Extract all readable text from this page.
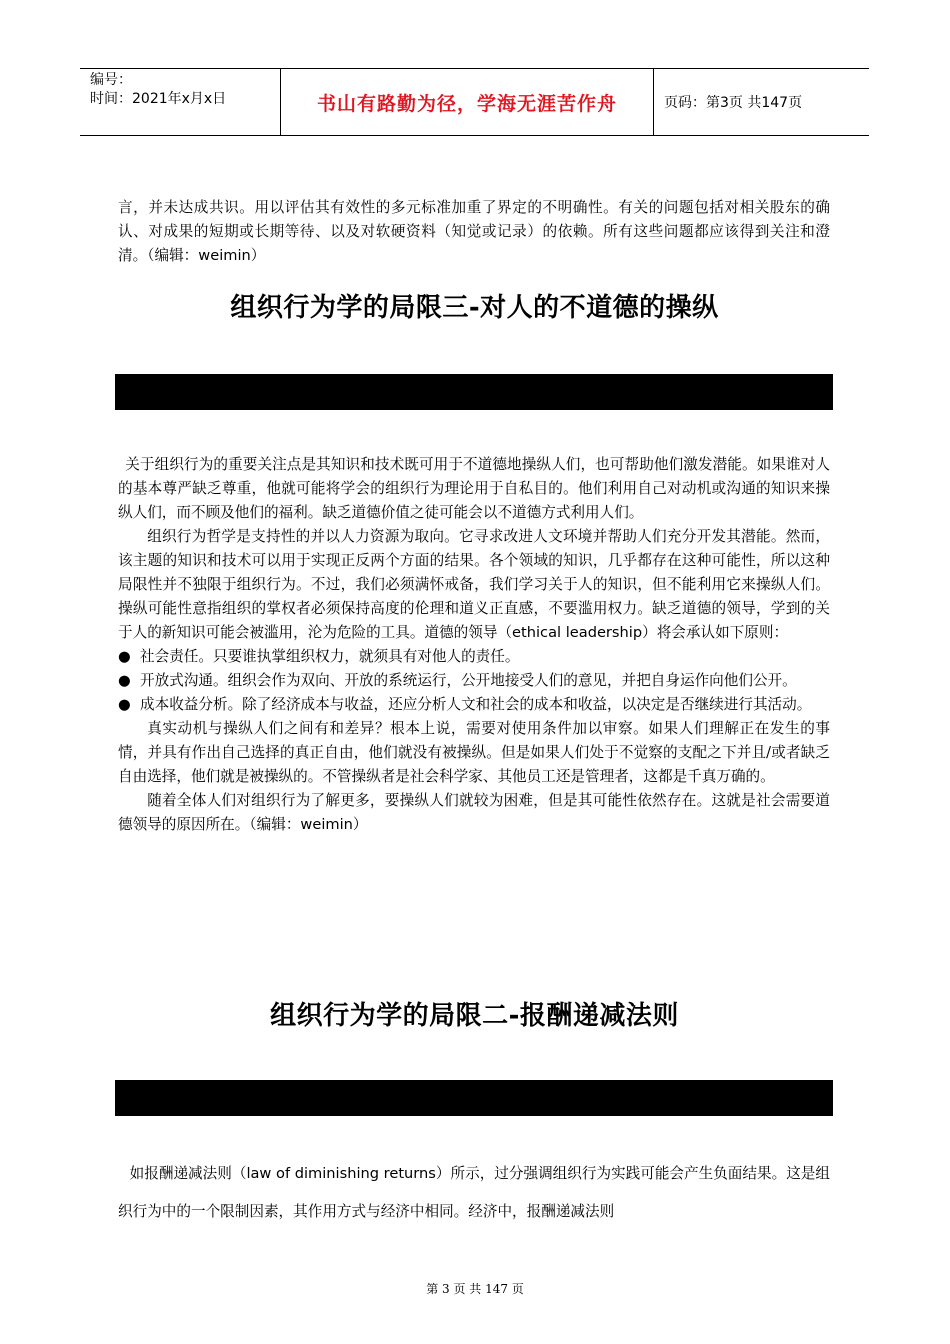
编号：
时间：2021年x月x日	书山有路勤为径，学海无涯苦作舟	页码：第3页 共147页

言，并未达成共识。用以评估其有效性的多元标准加重了界定的不明确性。有关的问题包括对相关股东的确认、对成果的短期或长期等待、以及对软硬资料（知觉或记录）的依赖。所有这些问题都应该得到关注和澄清。（编辑：weimin）

组织行为学的局限三-对人的不道德的操纵

关于组织行为的重要关注点是其知识和技术既可用于不道德地操纵人们，也可帮助他们激发潜能。如果谁对人的基本尊严缺乏尊重，他就可能将学会的组织行为理论用于自私目的。他们利用自己对动机或沟通的知识来操纵人们，而不顾及他们的福利。缺乏道德价值之徒可能会以不道德方式利用人们。

组织行为哲学是支持性的并以人力资源为取向。它寻求改进人文环境并帮助人们充分开发其潜能。然而，该主题的知识和技术可以用于实现正反两个方面的结果。各个领域的知识，几乎都存在这种可能性，所以这种局限性并不独限于组织行为。不过，我们必须满怀戒备，我们学习关于人的知识，但不能利用它来操纵人们。操纵可能性意指组织的掌权者必须保持高度的伦理和道义正直感，不要滥用权力。缺乏道德的领导，学到的关于人的新知识可能会被滥用，沦为危险的工具。道德的领导（ethical leadership）将会承认如下原则：

● 社会责任。只要谁执掌组织权力，就须具有对他人的责任。

● 开放式沟通。组织会作为双向、开放的系统运行，公开地接受人们的意见，并把自身运作向他们公开。

● 成本收益分析。除了经济成本与收益，还应分析人文和社会的成本和收益，以决定是否继续进行其活动。

真实动机与操纵人们之间有和差异？根本上说，需要对使用条件加以审察。如果人们理解正在发生的事情，并具有作出自己选择的真正自由，他们就没有被操纵。但是如果人们处于不觉察的支配之下并且/或者缺乏自由选择，他们就是被操纵的。不管操纵者是社会科学家、其他员工还是管理者，这都是千真万确的。

随着全体人们对组织行为了解更多，要操纵人们就较为困难，但是其可能性依然存在。这就是社会需要道德领导的原因所在。（编辑：weimin）

组织行为学的局限二-报酬递减法则

如报酬递减法则（law of diminishing returns）所示，过分强调组织行为实践可能会产生负面结果。这是组织行为中的一个限制因素，其作用方式与经济中相同。经济中，报酬递减法则

第 3 页 共 147 页
